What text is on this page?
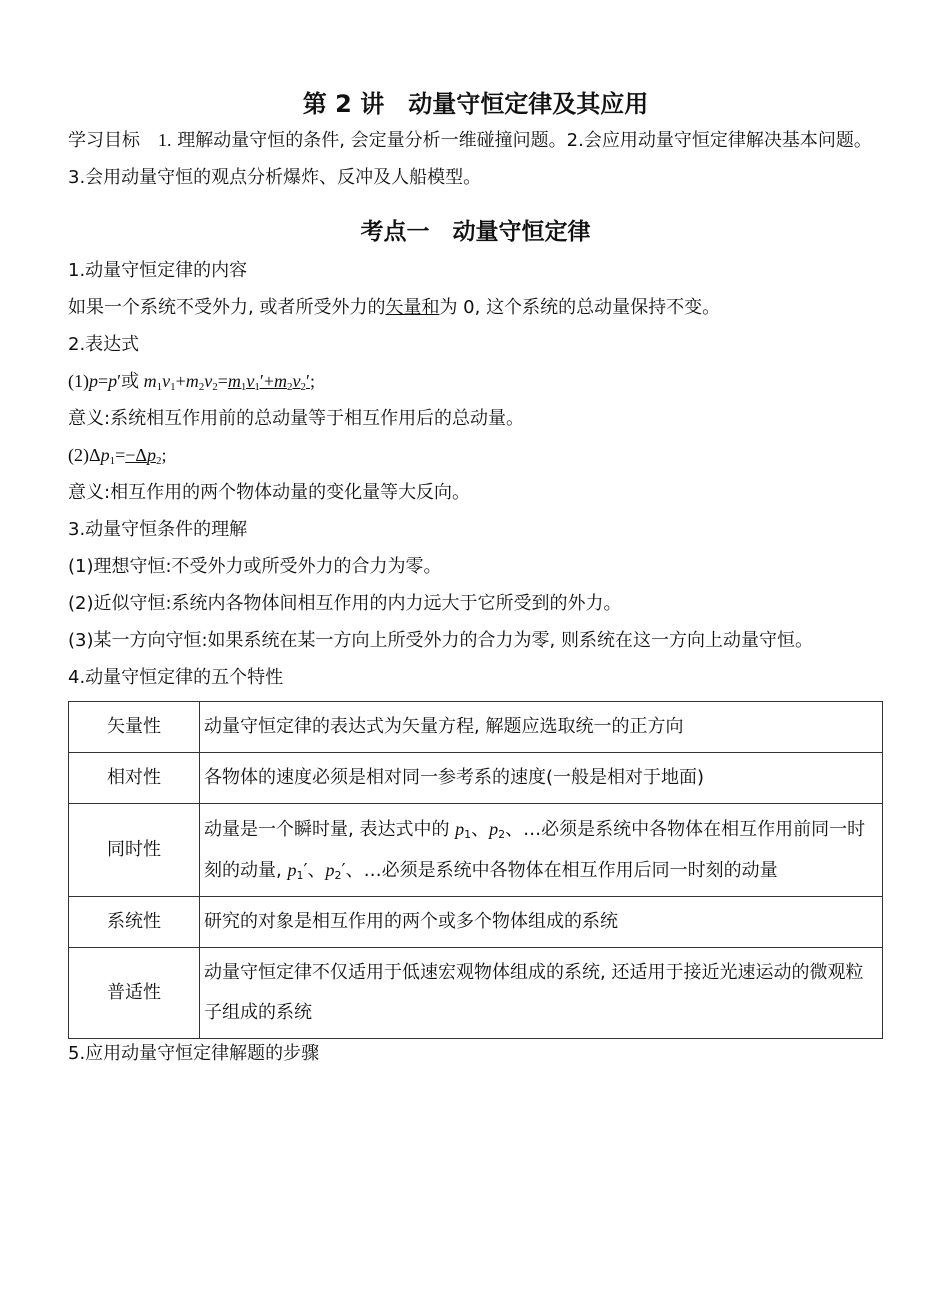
第 2 讲　动量守恒定律及其应用

学习目标　 1. 理解动量守恒的条件, 会定量分析一维碰撞问题。2.会应用动量守恒定律解决基本问题。

3.会用动量守恒的观点分析爆炸、反冲及人船模型。

考点一　动量守恒定律

1.动量守恒定律的内容

如果一个系统不受外力, 或者所受外力的矢量和为 0, 这个系统的总动量保持不变。

2.表达式

(1)p=p′或 $m_1v_1+m_2v_2=m_1v_1'+m_2v_2'$;

意义:系统相互作用前的总动量等于相互作用后的总动量。

$(2)\Delta p_1=-\Delta p_2$;

意义:相互作用的两个物体动量的变化量等大反向。

3.动量守恒条件的理解

(1)理想守恒:不受外力或所受外力的合力为零。

(2)近似守恒:系统内各物体间相互作用的内力远大于它所受到的外力。

(3)某一方向守恒:如果系统在某一方向上所受外力的合力为零, 则系统在这一方向上动量守恒。

4.动量守恒定律的五个特性

矢量性	动量守恒定律的表达式为矢量方程, 解题应选取统一的正方向
相对性	各物体的速度必须是相对同一参考系的速度(一般是相对于地面)
同时性	动量是一个瞬时量, 表达式中的 $p_1$、$p_2$、…必须是系统中各物体在相互作用前同一时刻的动量, $p_1'$、$p_2'$、…必须是系统中各物体在相互作用后同一时刻的动量
系统性	研究的对象是相互作用的两个或多个物体组成的系统
普适性	动量守恒定律不仅适用于低速宏观物体组成的系统, 还适用于接近光速运动的微观粒子组成的系统

5.应用动量守恒定律解题的步骤
